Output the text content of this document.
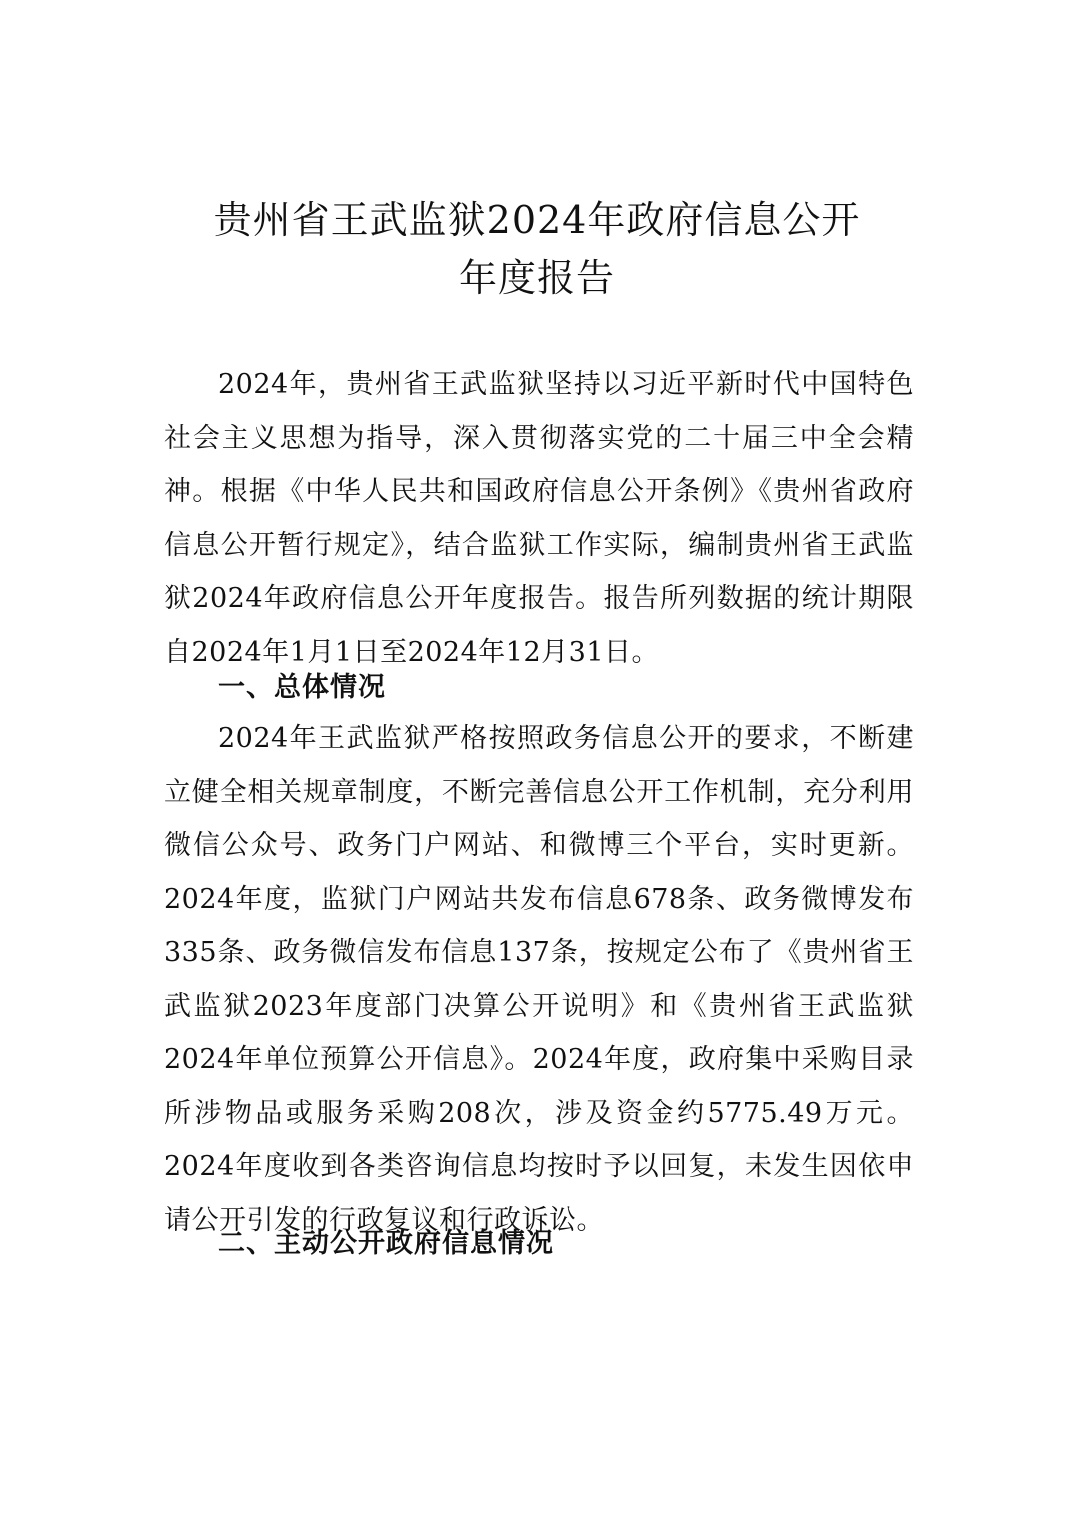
贵州省王武监狱2024年政府信息公开
年度报告

2024年，贵州省王武监狱坚持以习近平新时代中国特色社会主义思想为指导，深入贯彻落实党的二十届三中全会精神。根据《中华人民共和国政府信息公开条例》《贵州省政府信息公开暂行规定》，结合监狱工作实际，编制贵州省王武监狱2024年政府信息公开年度报告。报告所列数据的统计期限自2024年1月1日至2024年12月31日。

一、总体情况

2024年王武监狱严格按照政务信息公开的要求，不断建立健全相关规章制度，不断完善信息公开工作机制，充分利用微信公众号、政务门户网站、和微博三个平台，实时更新。2024年度，监狱门户网站共发布信息678条、政务微博发布335条、政务微信发布信息137条，按规定公布了《贵州省王武监狱2023年度部门决算公开说明》和《贵州省王武监狱2024年单位预算公开信息》。2024年度，政府集中采购目录所涉物品或服务采购208次，涉及资金约5775.49万元。2024年度收到各类咨询信息均按时予以回复，未发生因依申请公开引发的行政复议和行政诉讼。

二、主动公开政府信息情况
